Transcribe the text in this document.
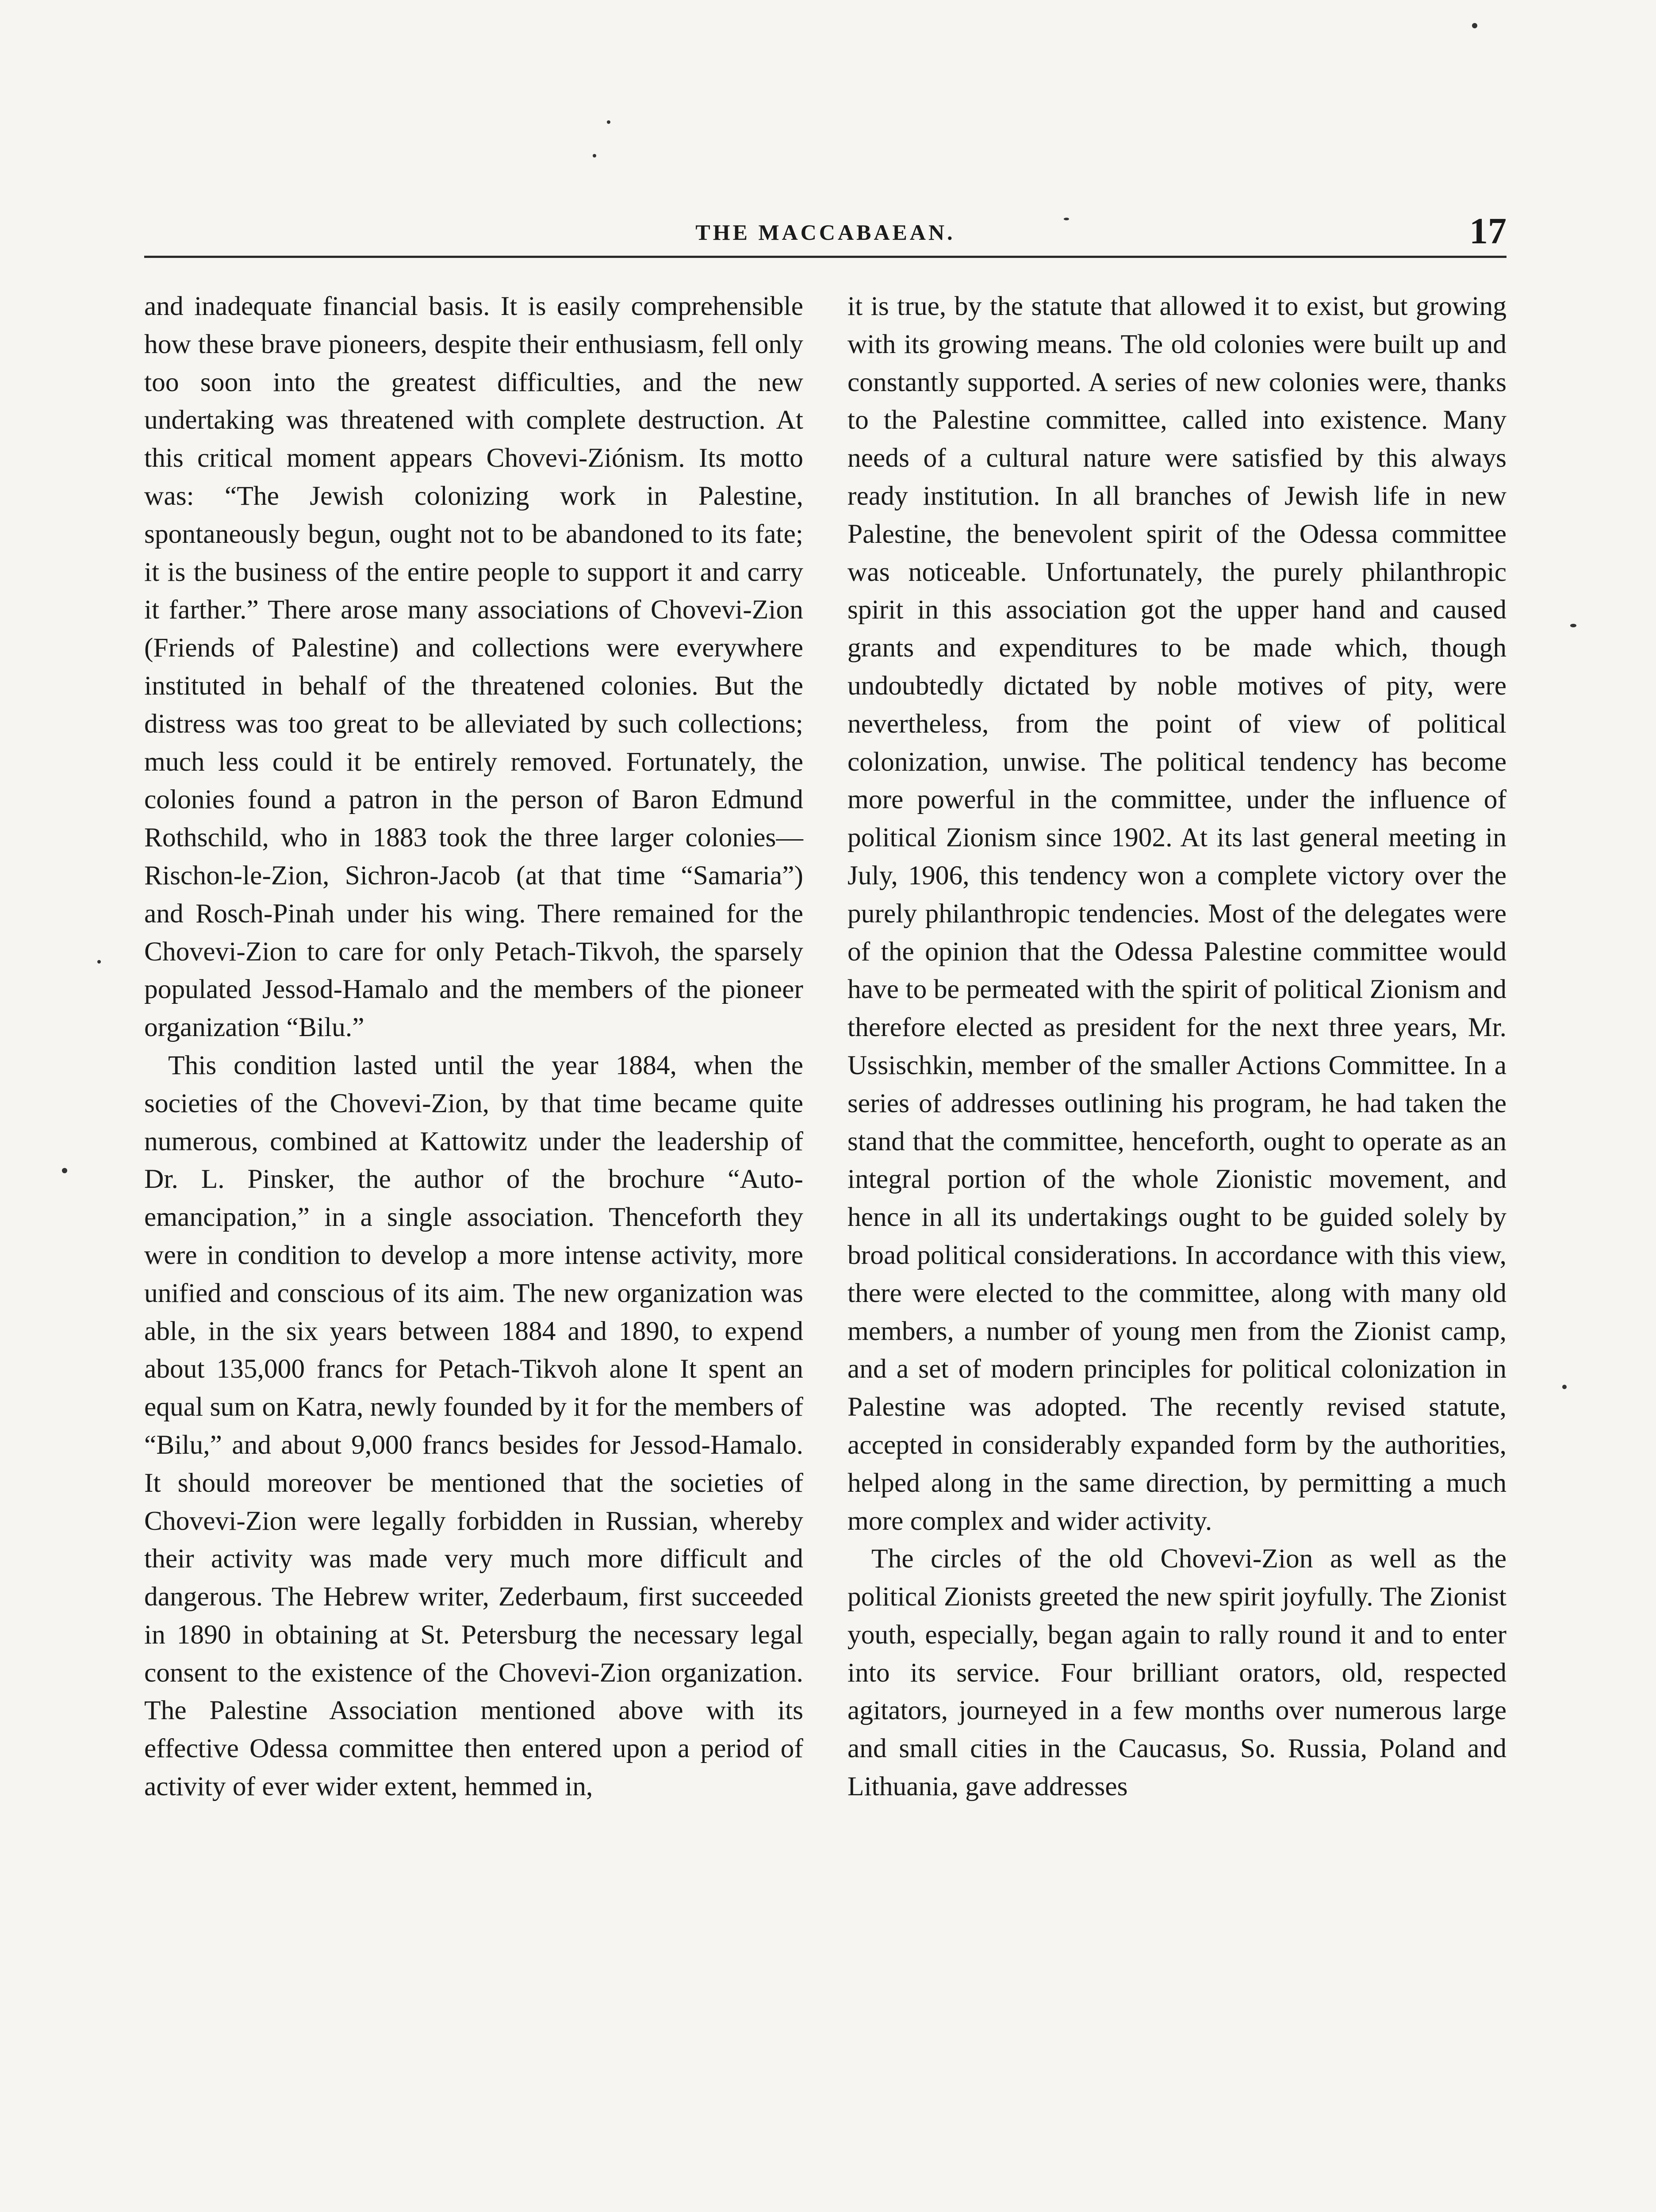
THE MACCABAEAN.	17

and inadequate financial basis. It is easily comprehensible how these brave pioneers, despite their enthusiasm, fell only too soon into the greatest difficulties, and the new undertaking was threatened with complete destruction. At this critical moment appears Chovevi-Ziónism. Its motto was: “The Jewish colonizing work in Palestine, spontaneously begun, ought not to be abandoned to its fate; it is the business of the entire people to support it and carry it farther.” There arose many associations of Chovevi-Zion (Friends of Palestine) and collections were everywhere instituted in behalf of the threatened colonies. But the distress was too great to be alleviated by such collections; much less could it be entirely removed. Fortunately, the colonies found a patron in the person of Baron Edmund Rothschild, who in 1883 took the three larger colonies—Rischon-le-Zion, Sichron-Jacob (at that time “Samaria”) and Rosch-Pinah under his wing. There remained for the Chovevi-Zion to care for only Petach-Tikvoh, the sparsely populated Jessod-Hamalo and the members of the pioneer organization “Bilu.”

This condition lasted until the year 1884, when the societies of the Chovevi-Zion, by that time became quite numerous, combined at Kattowitz under the leadership of Dr. L. Pinsker, the author of the brochure “Auto-emancipation,” in a single association. Thenceforth they were in condition to develop a more intense activity, more unified and conscious of its aim. The new organization was able, in the six years between 1884 and 1890, to expend about 135,000 francs for Petach-Tikvoh alone It spent an equal sum on Katra, newly founded by it for the members of “Bilu,” and about 9,000 francs besides for Jessod-Hamalo. It should moreover be mentioned that the societies of Chovevi-Zion were legally forbidden in Russian, whereby their activity was made very much more difficult and dangerous. The Hebrew writer, Zederbaum, first succeeded in 1890 in obtaining at St. Petersburg the necessary legal consent to the existence of the Chovevi-Zion organization. The Palestine Association mentioned above with its effective Odessa committee then entered upon a period of activity of ever wider extent, hemmed in,

it is true, by the statute that allowed it to exist, but growing with its growing means. The old colonies were built up and constantly supported. A series of new colonies were, thanks to the Palestine committee, called into existence. Many needs of a cultural nature were satisfied by this always ready institution. In all branches of Jewish life in new Palestine, the benevolent spirit of the Odessa committee was noticeable. Unfortunately, the purely philanthropic spirit in this association got the upper hand and caused grants and expenditures to be made which, though undoubtedly dictated by noble motives of pity, were nevertheless, from the point of view of political colonization, unwise. The political tendency has become more powerful in the committee, under the influence of political Zionism since 1902. At its last general meeting in July, 1906, this tendency won a complete victory over the purely philanthropic tendencies. Most of the delegates were of the opinion that the Odessa Palestine committee would have to be permeated with the spirit of political Zionism and therefore elected as president for the next three years, Mr. Ussischkin, member of the smaller Actions Committee. In a series of addresses outlining his program, he had taken the stand that the committee, henceforth, ought to operate as an integral portion of the whole Zionistic movement, and hence in all its undertakings ought to be guided solely by broad political considerations. In accordance with this view, there were elected to the committee, along with many old members, a number of young men from the Zionist camp, and a set of modern principles for political colonization in Palestine was adopted. The recently revised statute, accepted in considerably expanded form by the authorities, helped along in the same direction, by permitting a much more complex and wider activity.

The circles of the old Chovevi-Zion as well as the political Zionists greeted the new spirit joyfully. The Zionist youth, especially, began again to rally round it and to enter into its service. Four brilliant orators, old, respected agitators, journeyed in a few months over numerous large and small cities in the Caucasus, So. Russia, Poland and Lithuania, gave addresses
